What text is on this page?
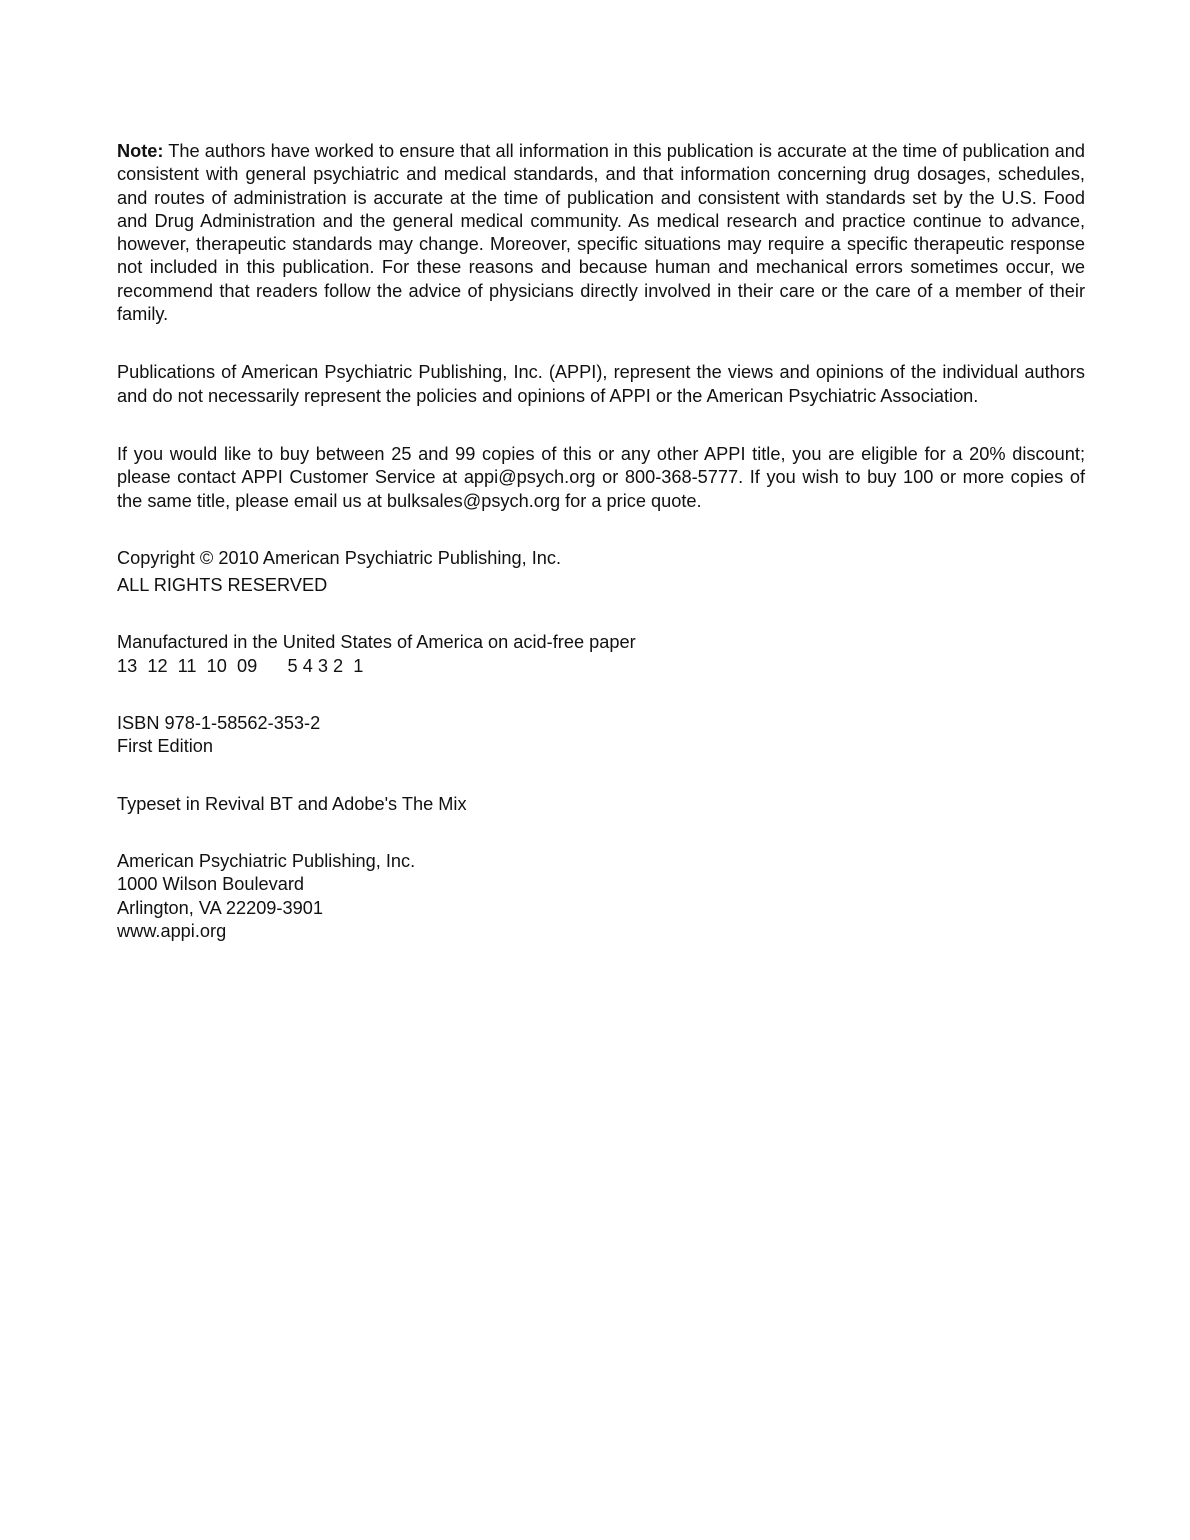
Note: The authors have worked to ensure that all information in this publication is accurate at the time of publication and consistent with general psychiatric and medical standards, and that information concerning drug dosages, schedules, and routes of administration is accurate at the time of publication and consistent with standards set by the U.S. Food and Drug Administration and the general medical community. As medical research and practice continue to advance, however, therapeutic standards may change. Moreover, specific situations may require a specific therapeutic response not included in this publication. For these reasons and because human and mechanical errors sometimes occur, we recommend that readers follow the advice of physicians directly involved in their care or the care of a member of their family.

Publications of American Psychiatric Publishing, Inc. (APPI), represent the views and opinions of the individual authors and do not necessarily represent the policies and opinions of APPI or the American Psychiatric Association.

If you would like to buy between 25 and 99 copies of this or any other APPI title, you are eligible for a 20% discount; please contact APPI Customer Service at appi@psych.org or 800-368-5777. If you wish to buy 100 or more copies of the same title, please email us at bulksales@psych.org for a price quote.

Copyright © 2010 American Psychiatric Publishing, Inc.
ALL RIGHTS RESERVED
Manufactured in the United States of America on acid-free paper
13  12  11  10  09      5 4 3 2  1
ISBN 978-1-58562-353-2
First Edition
Typeset in Revival BT and Adobe's The Mix
American Psychiatric Publishing, Inc.
1000 Wilson Boulevard
Arlington, VA 22209-3901
www.appi.org
